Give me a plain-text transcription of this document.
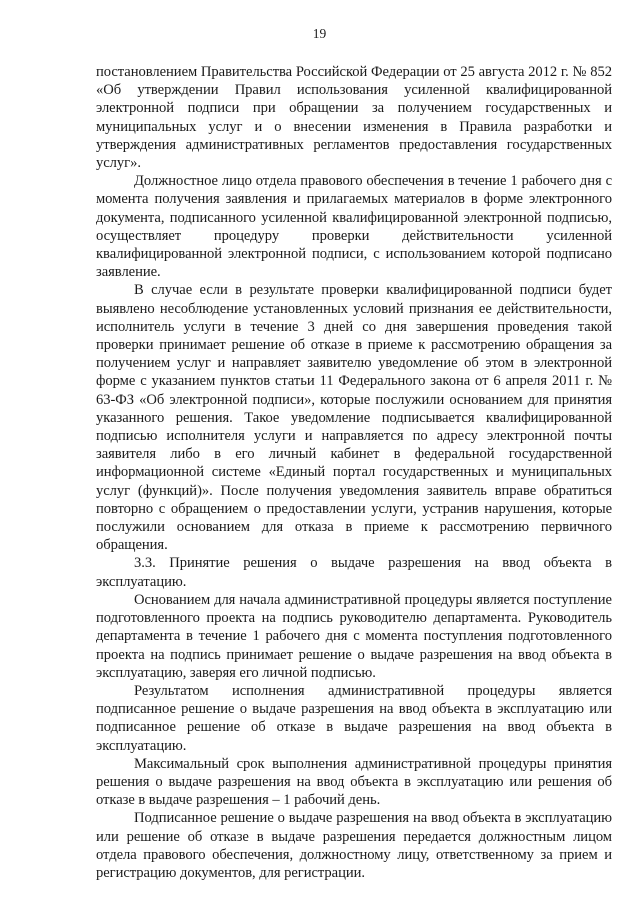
19

постановлением Правительства Российской Федерации от 25 августа 2012 г. № 852 «Об утверждении Правил использования усиленной квалифицированной электронной подписи при обращении за получением государственных и муниципальных услуг и о внесении изменения в Правила разработки и утверждения административных регламентов предоставления государственных услуг».

Должностное лицо отдела правового обеспечения в течение 1 рабочего дня с момента получения заявления и прилагаемых материалов в форме электронного документа, подписанного усиленной квалифицированной электронной подписью, осуществляет процедуру проверки действительности усиленной квалифицированной электронной подписи, с использованием которой подписано заявление.

В случае если в результате проверки квалифицированной подписи будет выявлено несоблюдение установленных условий признания ее действительности, исполнитель услуги в течение 3 дней со дня завершения проведения такой проверки принимает решение об отказе в приеме к рассмотрению обращения за получением услуг и направляет заявителю уведомление об этом в электронной форме с указанием пунктов статьи 11 Федерального закона от 6 апреля 2011 г. № 63-ФЗ «Об электронной подписи», которые послужили основанием для принятия указанного решения. Такое уведомление подписывается квалифицированной подписью исполнителя услуги и направляется по адресу электронной почты заявителя либо в его личный кабинет в федеральной государственной информационной системе «Единый портал государственных и муниципальных услуг (функций)». После получения уведомления заявитель вправе обратиться повторно с обращением о предоставлении услуги, устранив нарушения, которые послужили основанием для отказа в приеме к рассмотрению первичного обращения.

3.3. Принятие решения о выдаче разрешения на ввод объекта в эксплуатацию.

Основанием для начала административной процедуры является поступление подготовленного проекта на подпись руководителю департамента. Руководитель департамента в течение 1 рабочего дня с момента поступления подготовленного проекта на подпись принимает решение о выдаче разрешения на ввод объекта в эксплуатацию, заверяя его личной подписью.

Результатом исполнения административной процедуры является подписанное решение о выдаче разрешения на ввод объекта в эксплуатацию или подписанное решение об отказе в выдаче разрешения на ввод объекта в эксплуатацию.

Максимальный срок выполнения административной процедуры принятия решения о выдаче разрешения на ввод объекта в эксплуатацию или решения об отказе в выдаче разрешения – 1 рабочий день.

Подписанное решение о выдаче разрешения на ввод объекта в эксплуатацию или решение об отказе в выдаче разрешения передается должностным лицом отдела правового обеспечения, должностному лицу, ответственному за прием и регистрацию документов, для регистрации.
